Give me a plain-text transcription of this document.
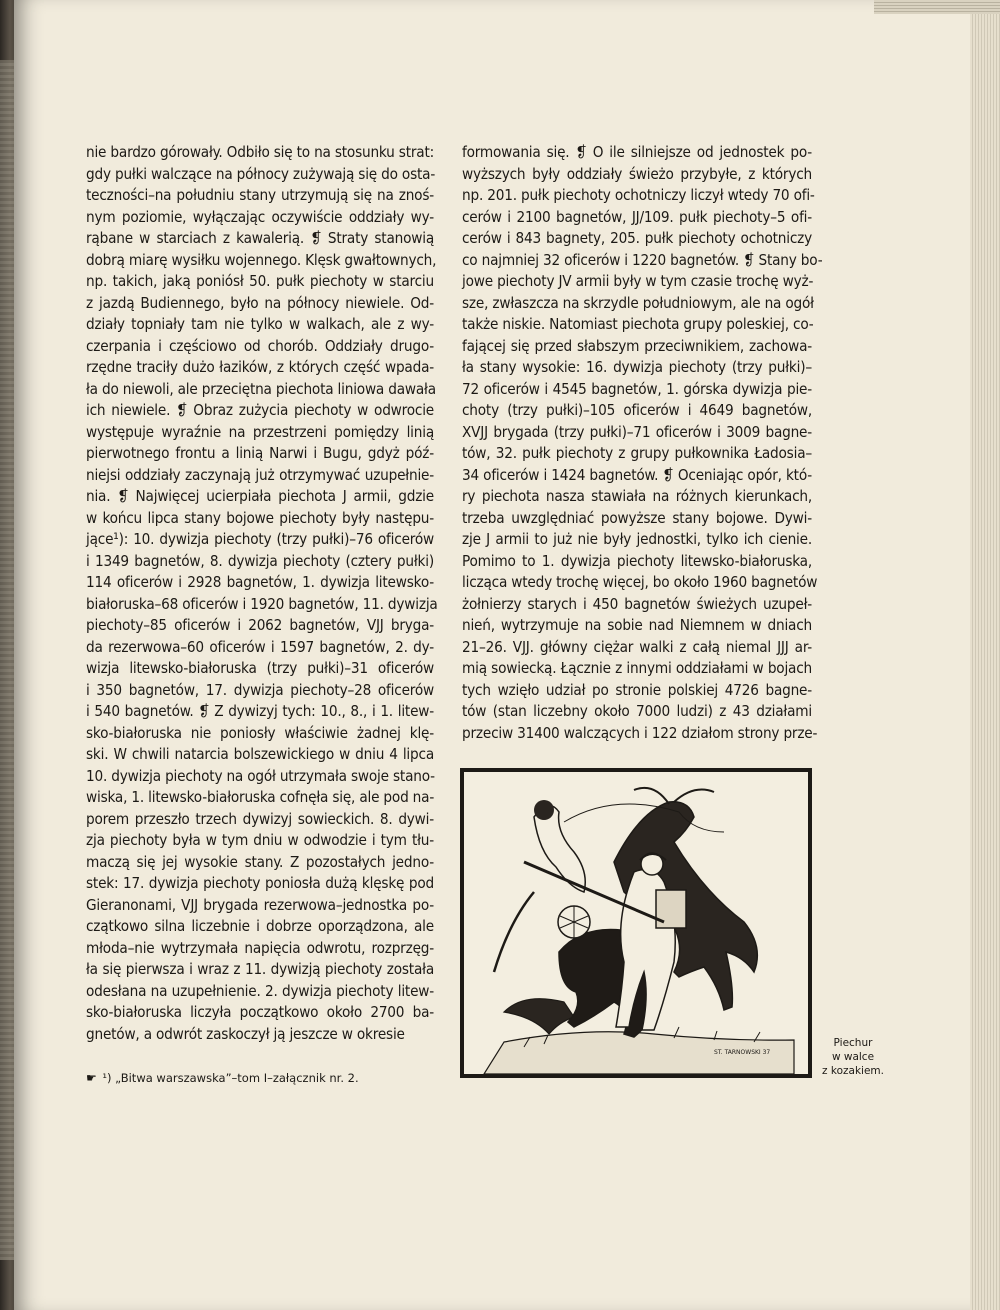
nie bardzo górowały. Odbiło się to na stosunku strat:
gdy pułki walczące na północy zużywają się do osta-
teczności–na południu stany utrzymują się na znoś-
nym poziomie, wyłączając oczywiście oddziały wy-
rąbane w starciach z kawalerią. ❡ Straty stanowią
dobrą miarę wysiłku wojennego. Klęsk gwałtownych,
np. takich, jaką poniósł 50. pułk piechoty w starciu
z jazdą Budiennego, było na północy niewiele. Od-
działy topniały tam nie tylko w walkach, ale z wy-
czerpania i częściowo od chorób. Oddziały drugo-
rzędne traciły dużo łazików, z których część wpada-
ła do niewoli, ale przeciętna piechota liniowa dawała
ich niewiele. ❡ Obraz zużycia piechoty w odwrocie
występuje wyraźnie na przestrzeni pomiędzy linią
pierwotnego frontu a linią Narwi i Bugu, gdyż póź-
niejsi oddziały zaczynają już otrzymywać uzupełnie-
nia. ❡ Najwięcej ucierpiała piechota J armii, gdzie
w końcu lipca stany bojowe piechoty były następu-
jące¹): 10. dywizja piechoty (trzy pułki)–76 oficerów
i 1349 bagnetów, 8. dywizja piechoty (cztery pułki)
114 oficerów i 2928 bagnetów, 1. dywizja litewsko-
białoruska–68 oficerów i 1920 bagnetów, 11. dywizja
piechoty–85 oficerów i 2062 bagnetów, VJJ bryga-
da rezerwowa–60 oficerów i 1597 bagnetów, 2. dy-
wizja litewsko-białoruska (trzy pułki)–31 oficerów
i 350 bagnetów, 17. dywizja piechoty–28 oficerów
i 540 bagnetów. ❡ Z dywizyj tych: 10., 8., i 1. litew-
sko-białoruska nie poniosły właściwie żadnej klę-
ski. W chwili natarcia bolszewickiego w dniu 4 lipca
10. dywizja piechoty na ogół utrzymała swoje stano-
wiska, 1. litewsko-białoruska cofnęła się, ale pod na-
porem przeszło trzech dywizyj sowieckich. 8. dywi-
zja piechoty była w tym dniu w odwodzie i tym tłu-
maczą się jej wysokie stany. Z pozostałych jedno-
stek: 17. dywizja piechoty poniosła dużą klęskę pod
Gieranonami, VJJ brygada rezerwowa–jednostka po-
czątkowo silna liczebnie i dobrze oporządzona, ale
młoda–nie wytrzymała napięcia odwrotu, rozprzęg-
ła się pierwsza i wraz z 11. dywizją piechoty została
odesłana na uzupełnienie. 2. dywizja piechoty litew-
sko-białoruska liczyła początkowo około 2700 ba-
gnetów, a odwrót zaskoczył ją jeszcze w okresie
formowania się. ❡ O ile silniejsze od jednostek po-
wyższych były oddziały świeżo przybyłe, z których
np. 201. pułk piechoty ochotniczy liczył wtedy 70 ofi-
cerów i 2100 bagnetów, JJ/109. pułk piechoty–5 ofi-
cerów i 843 bagnety, 205. pułk piechoty ochotniczy
co najmniej 32 oficerów i 1220 bagnetów. ❡ Stany bo-
jowe piechoty JV armii były w tym czasie trochę wyż-
sze, zwłaszcza na skrzydle południowym, ale na ogół
także niskie. Natomiast piechota grupy poleskiej, co-
fającej się przed słabszym przeciwnikiem, zachowa-
ła stany wysokie: 16. dywizja piechoty (trzy pułki)–
72 oficerów i 4545 bagnetów, 1. górska dywizja pie-
choty (trzy pułki)–105 oficerów i 4649 bagnetów,
XVJJ brygada (trzy pułki)–71 oficerów i 3009 bagne-
tów, 32. pułk piechoty z grupy pułkownika Ładosia–
34 oficerów i 1424 bagnetów. ❡ Oceniając opór, któ-
ry piechota nasza stawiała na różnych kierunkach,
trzeba uwzględniać powyższe stany bojowe. Dywi-
zje J armii to już nie były jednostki, tylko ich cienie.
Pomimo to 1. dywizja piechoty litewsko-białoruska,
licząca wtedy trochę więcej, bo około 1960 bagnetów
żołnierzy starych i 450 bagnetów świeżych uzupeł-
nień, wytrzymuje na sobie nad Niemnem w dniach
21–26. VJJ. główny ciężar walki z całą niemal JJJ ar-
mią sowiecką. Łącznie z innymi oddziałami w bojach
tych wzięło udział po stronie polskiej 4726 bagne-
tów (stan liczebny około 7000 ludzi) z 43 działami
przeciw 31400 walczących i 122 działom strony prze-
☛ ¹) „Bitwa warszawska”–tom I–załącznik nr. 2.
ST. TARNOWSKI 37
Piechur
w walce
z kozakiem.
